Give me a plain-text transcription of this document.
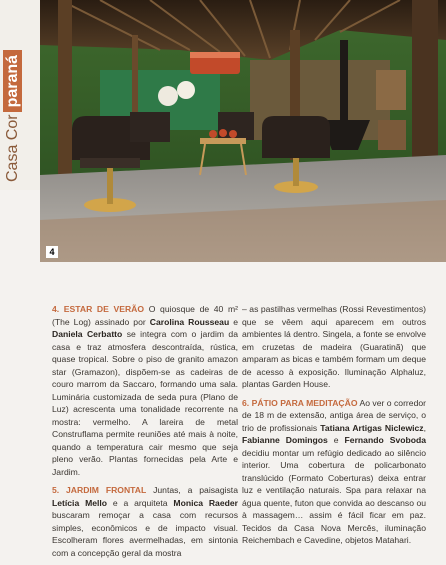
Casa Corparaná
4

4. ESTAR DE VERÃO O quiosque de 40 m² (The Log) assinado por Carolina Rousseau e Daniela Cerbatto se integra com o jardim da casa e traz atmosfera descontraída, rústica, quase tropical. Sobre o piso de granito amazon star (Gramazon), dispõem-se as cadeiras de couro marrom da Saccaro, formando uma sala. Luminária customizada de seda pura (Plano de Luz) acrescenta uma tonalidade recorrente na mostra: vermelho. A lareira de metal Construflama permite reuniões até mais à noite, quando a temperatura cair mesmo que seja pleno verão. Plantas fornecidas pela Arte e Jardim.

5. JARDIM FRONTAL Juntas, a paisagista Letícia Mello e a arquiteta Monica Raeder buscaram remoçar a casa com recursos simples, econômicos e de impacto visual. Escolheram flores avermelhadas, em sintonia com a concepção geral da mostra

– as pastilhas vermelhas (Rossi Revestimentos) que se vêem aqui aparecem em outros ambientes lá dentro. Singela, a fonte se envolve em cruzetas de madeira (Guaratinã) que amparam as bicas e também formam um deque de acesso à exposição. Iluminação Alphaluz, plantas Garden House.

6. PÁTIO PARA MEDITAÇÃO Ao ver o corredor de 18 m de extensão, antiga área de serviço, o trio de profissionais Tatiana Artigas Niclewicz, Fabianne Domingos e Fernando Svoboda decidiu montar um refúgio dedicado ao silêncio interior. Uma cobertura de policarbonato translúcido (Formato Coberturas) deixa entrar luz e ventilação naturais. Spa para relaxar na água quente, futon que convida ao descanso ou à massagem… assim é fácil ficar em paz. Tecidos da Casa Nova Mercês, iluminação Reichembach e Cavedine, objetos Matahari.
